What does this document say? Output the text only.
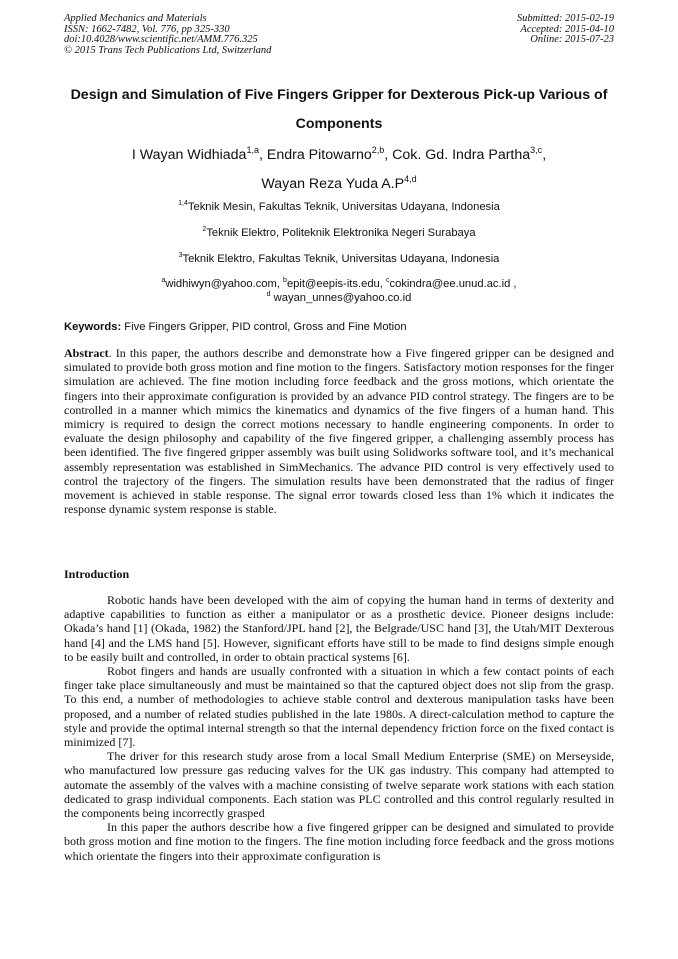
Applied Mechanics and Materials
ISSN: 1662-7482, Vol. 776, pp 325-330
doi:10.4028/www.scientific.net/AMM.776.325
© 2015 Trans Tech Publications Ltd, Switzerland
Submitted: 2015-02-19
Accepted: 2015-04-10
Online: 2015-07-23
Design and Simulation of Five Fingers Gripper for Dexterous Pick-up Various of Components
I Wayan Widhiada$^{1,a}$, Endra Pitowarno$^{2,b}$, Cok. Gd. Indra Partha$^{3,c}$,
Wayan Reza Yuda $A.P^{4,d}$
$^{1,4}$Teknik Mesin, Fakultas Teknik, Universitas Udayana, Indonesia
$^2$Teknik Elektro, Politeknik Elektronika Negeri Surabaya
$^3$Teknik Elektro, Fakultas Teknik, Universitas Udayana, Indonesia
$^a$widhiwyn@yahoo.com, $^b$epit@eepis-its.edu, $^c$cokindra@ee.unud.ac.id ,
$^d$ wayan_unnes@yahoo.co.id
Keywords: Five Fingers Gripper, PID control, Gross and Fine Motion
Abstract. In this paper, the authors describe and demonstrate how a Five fingered gripper can be designed and simulated to provide both gross motion and fine motion to the fingers. Satisfactory motion responses for the finger simulation are achieved. The fine motion including force feedback and the gross motions, which orientate the fingers into their approximate configuration is provided by an advance PID control strategy. The fingers are to be controlled in a manner which mimics the kinematics and dynamics of the five fingers of a human hand. This mimicry is required to design the correct motions necessary to handle engineering components. In order to evaluate the design philosophy and capability of the five fingered gripper, a challenging assembly process has been identified. The five fingered gripper assembly was built using Solidworks software tool, and it’s mechanical assembly representation was established in SimMechanics. The advance PID control is very effectively used to control the trajectory of the fingers. The simulation results have been demonstrated that the radius of finger movement is achieved in stable response. The signal error towards closed less than 1% which it indicates the response dynamic system response is stable.
Introduction

Robotic hands have been developed with the aim of copying the human hand in terms of dexterity and adaptive capabilities to function as either a manipulator or as a prosthetic device. Pioneer designs include: Okada’s hand [1] (Okada, 1982) the Stanford/JPL hand [2], the Belgrade/USC hand [3], the Utah/MIT Dexterous hand [4] and the LMS hand [5]. However, significant efforts have still to be made to find designs simple enough to be easily built and controlled, in order to obtain practical systems [6].

Robot fingers and hands are usually confronted with a situation in which a few contact points of each finger take place simultaneously and must be maintained so that the captured object does not slip from the grasp. To this end, a number of methodologies to achieve stable control and dexterous manipulation tasks have been proposed, and a number of related studies published in the late 1980s. A direct-calculation method to capture the style and provide the optimal internal strength so that the internal dependency friction force on the fixed contact is minimized [7].

The driver for this research study arose from a local Small Medium Enterprise (SME) on Merseyside, who manufactured low pressure gas reducing valves for the UK gas industry. This company had attempted to automate the assembly of the valves with a machine consisting of twelve separate work stations with each station dedicated to grasp individual components. Each station was PLC controlled and this control regularly resulted in the components being incorrectly grasped

In this paper the authors describe how a five fingered gripper can be designed and simulated to provide both gross motion and fine motion to the fingers. The fine motion including force feedback and the gross motions which orientate the fingers into their approximate configuration is
